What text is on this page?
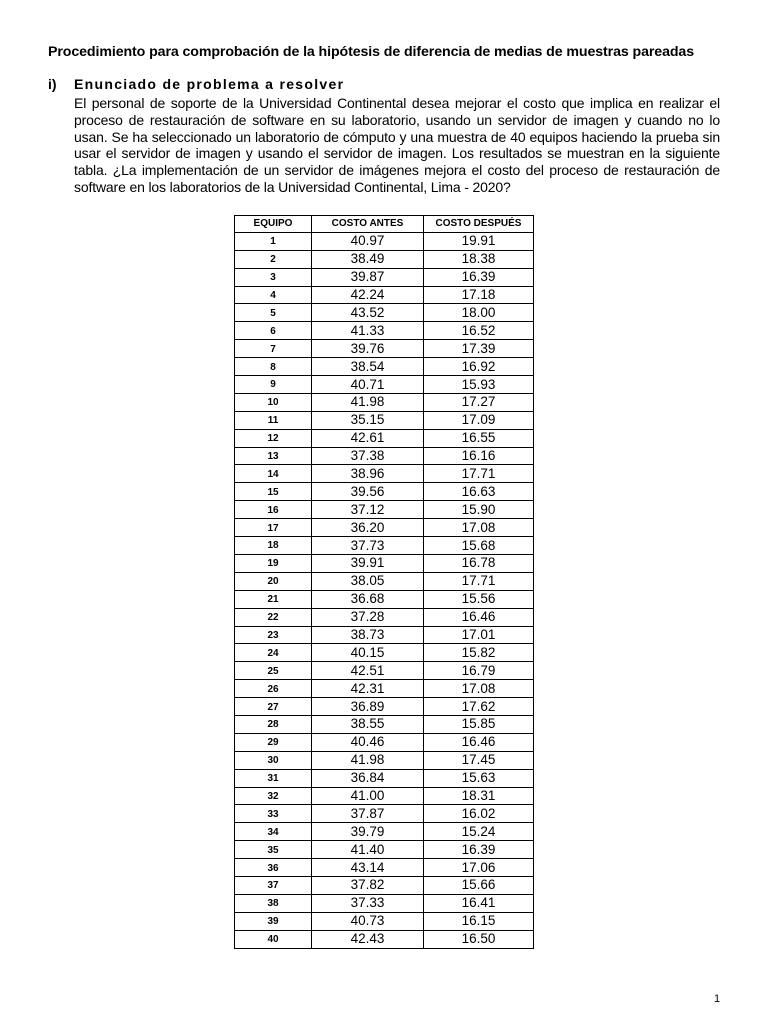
Procedimiento para comprobación de la hipótesis de diferencia de medias de muestras pareadas
i) Enunciado de problema a resolver
El personal de soporte de la Universidad Continental desea mejorar el costo que implica en realizar el proceso de restauración de software en su laboratorio, usando un servidor de imagen y cuando no lo usan. Se ha seleccionado un laboratorio de cómputo y una muestra de 40 equipos haciendo la prueba sin usar el servidor de imagen y usando el servidor de imagen. Los resultados se muestran en la siguiente tabla. ¿La implementación de un servidor de imágenes mejora el costo del proceso de restauración de software en los laboratorios de la Universidad Continental, Lima - 2020?
EQUIPO	COSTO ANTES	COSTO DESPUÉS
1	40.97	19.91
2	38.49	18.38
3	39.87	16.39
4	42.24	17.18
5	43.52	18.00
6	41.33	16.52
7	39.76	17.39
8	38.54	16.92
9	40.71	15.93
10	41.98	17.27
11	35.15	17.09
12	42.61	16.55
13	37.38	16.16
14	38.96	17.71
15	39.56	16.63
16	37.12	15.90
17	36.20	17.08
18	37.73	15.68
19	39.91	16.78
20	38.05	17.71
21	36.68	15.56
22	37.28	16.46
23	38.73	17.01
24	40.15	15.82
25	42.51	16.79
26	42.31	17.08
27	36.89	17.62
28	38.55	15.85
29	40.46	16.46
30	41.98	17.45
31	36.84	15.63
32	41.00	18.31
33	37.87	16.02
34	39.79	15.24
35	41.40	16.39
36	43.14	17.06
37	37.82	15.66
38	37.33	16.41
39	40.73	16.15
40	42.43	16.50
1
